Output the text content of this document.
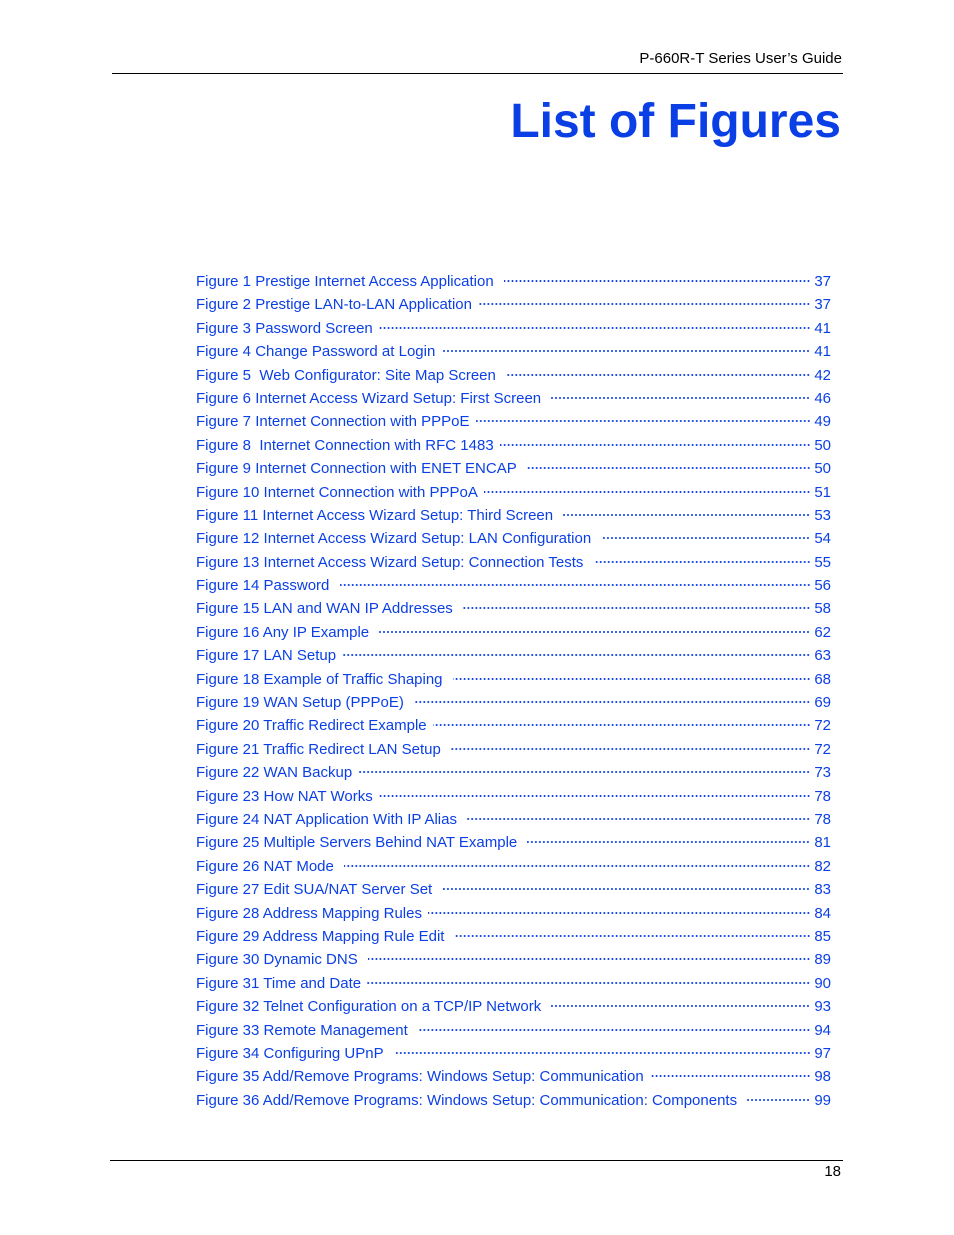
P-660R-T Series User’s Guide
List of Figures
Figure 1 Prestige Internet Access Application	37
Figure 2 Prestige LAN-to-LAN Application	37
Figure 3 Password Screen	41
Figure 4 Change Password at Login	41
Figure 5  Web Configurator: Site Map Screen	42
Figure 6 Internet Access Wizard Setup: First Screen	46
Figure 7 Internet Connection with PPPoE	49
Figure 8  Internet Connection with RFC 1483	50
Figure 9 Internet Connection with ENET ENCAP	50
Figure 10 Internet Connection with PPPoA	51
Figure 11 Internet Access Wizard Setup: Third Screen	53
Figure 12 Internet Access Wizard Setup: LAN Configuration	54
Figure 13 Internet Access Wizard Setup: Connection Tests	55
Figure 14 Password	56
Figure 15 LAN and WAN IP Addresses	58
Figure 16 Any IP Example	62
Figure 17 LAN Setup	63
Figure 18 Example of Traffic Shaping	68
Figure 19 WAN Setup (PPPoE)	69
Figure 20 Traffic Redirect Example	72
Figure 21 Traffic Redirect LAN Setup	72
Figure 22 WAN Backup	73
Figure 23 How NAT Works	78
Figure 24 NAT Application With IP Alias	78
Figure 25 Multiple Servers Behind NAT Example	81
Figure 26 NAT Mode	82
Figure 27 Edit SUA/NAT Server Set	83
Figure 28 Address Mapping Rules	84
Figure 29 Address Mapping Rule Edit	85
Figure 30 Dynamic DNS	89
Figure 31 Time and Date	90
Figure 32 Telnet Configuration on a TCP/IP Network	93
Figure 33 Remote Management	94
Figure 34 Configuring UPnP	97
Figure 35 Add/Remove Programs: Windows Setup: Communication	98
Figure 36 Add/Remove Programs: Windows Setup: Communication: Components	99
18
